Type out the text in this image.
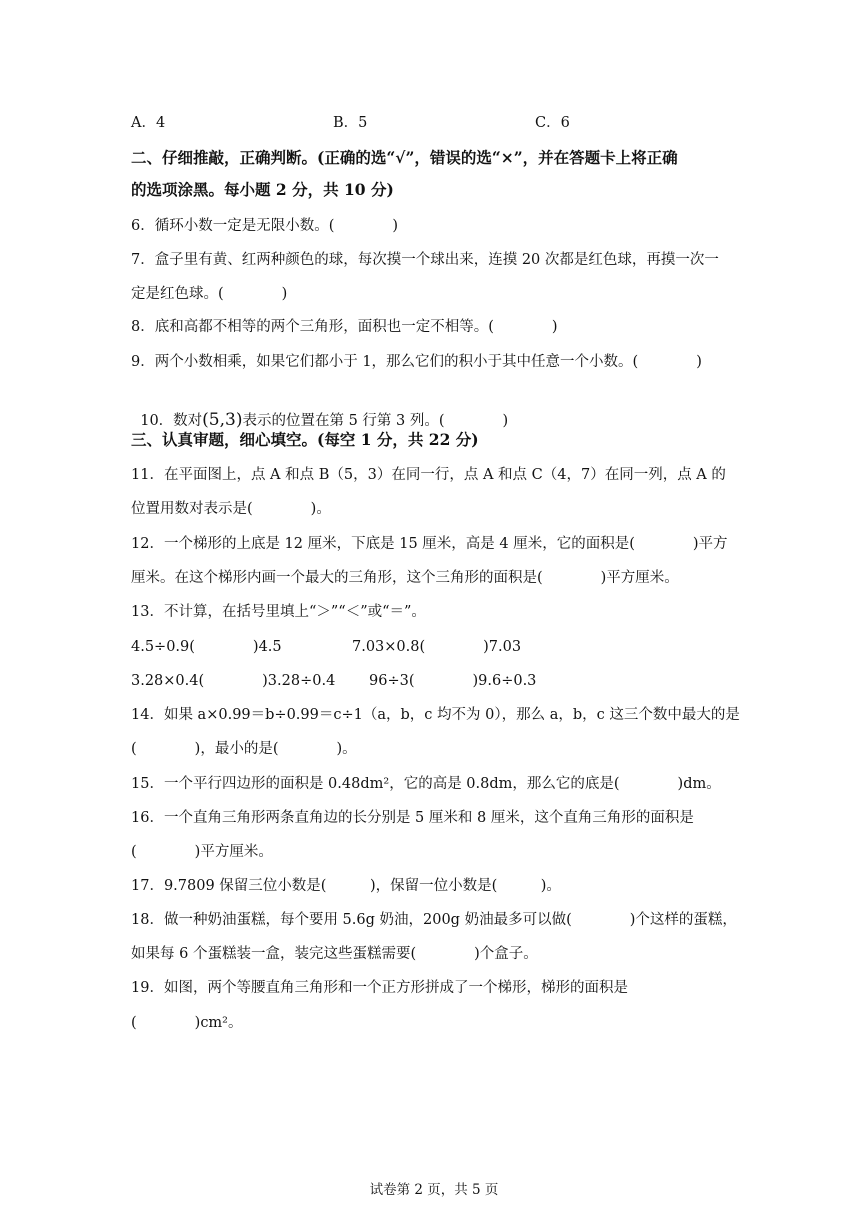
A．4	B．5	C．6
二、仔细推敲，正确判断。(正确的选“√”，错误的选“×”，并在答题卡上将正确
的选项涂黑。每小题 2 分，共 10 分)
6．循环小数一定是无限小数。(　　　　)
7．盒子里有黄、红两种颜色的球，每次摸一个球出来，连摸 20 次都是红色球，再摸一次一
定是红色球。(　　　　)
8．底和高都不相等的两个三角形，面积也一定不相等。(　　　　)
9．两个小数相乘，如果它们都小于 1，那么它们的积小于其中任意一个小数。(　　　　)

10．数对(5,3)表示的位置在第 5 行第 3 列。(　　　　)

三、认真审题，细心填空。(每空 1 分，共 22 分)
11．在平面图上，点 A 和点 B（5，3）在同一行，点 A 和点 C（4，7）在同一列，点 A 的
位置用数对表示是(　　　　)。
12．一个梯形的上底是 12 厘米，下底是 15 厘米，高是 4 厘米，它的面积是(　　　　)平方
厘米。在这个梯形内画一个最大的三角形，这个三角形的面积是(　　　　)平方厘米。
13．不计算，在括号里填上“＞”“＜”或“＝”。
4.5÷0.9(　　　　)4.5	7.03×0.8(　　　　)7.03
3.28×0.4(　　　　)3.28÷0.4 96÷3(　　　　)9.6÷0.3
14．如果 a×0.99＝b÷0.99＝c÷1（a，b，c 均不为 0），那么 a，b，c 这三个数中最大的是
(　　　　)，最小的是(　　　　)。
15．一个平行四边形的面积是 0.48dm²，它的高是 0.8dm，那么它的底是(　　　　)dm。
16．一个直角三角形两条直角边的长分别是 5 厘米和 8 厘米，这个直角三角形的面积是
(　　　　)平方厘米。
17．9.7809 保留三位小数是(　　　)，保留一位小数是(　　　)。
18．做一种奶油蛋糕，每个要用 5.6g 奶油，200g 奶油最多可以做(　　　　)个这样的蛋糕，
如果每 6 个蛋糕装一盒，装完这些蛋糕需要(　　　　)个盒子。
19．如图，两个等腰直角三角形和一个正方形拼成了一个梯形，梯形的面积是
(　　　　)cm²。
试卷第 2 页，共 5 页
